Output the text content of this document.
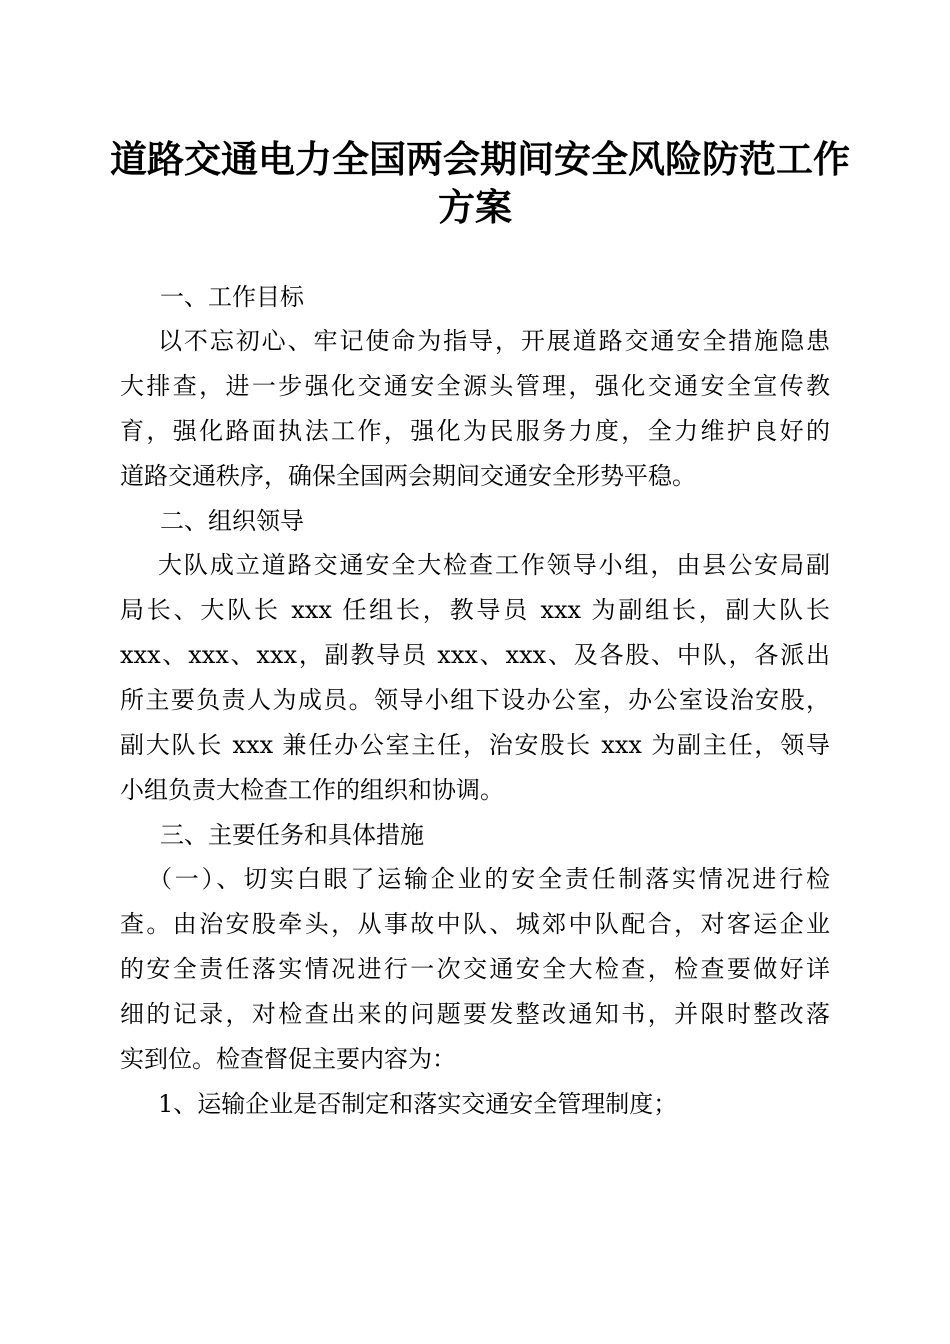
道路交通电力全国两会期间安全风险防范工作
方案
一、工作目标
以不忘初心、牢记使命为指导，开展道路交通安全措施隐患
大排查，进一步强化交通安全源头管理，强化交通安全宣传教
育，强化路面执法工作，强化为民服务力度，全力维护良好的
道路交通秩序，确保全国两会期间交通安全形势平稳。
二、组织领导
大队成立道路交通安全大检查工作领导小组，由县公安局副
局长、大队长 xxx 任组长，教导员 xxx 为副组长，副大队长
xxx、xxx、xxx，副教导员 xxx、xxx、及各股、中队，各派出
所主要负责人为成员。领导小组下设办公室，办公室设治安股，
副大队长 xxx 兼任办公室主任，治安股长 xxx 为副主任，领导
小组负责大检查工作的组织和协调。
三、主要任务和具体措施
（一）、切实白眼了运输企业的安全责任制落实情况进行检
查。由治安股牵头，从事故中队、城郊中队配合，对客运企业
的安全责任落实情况进行一次交通安全大检查，检查要做好详
细的记录，对检查出来的问题要发整改通知书，并限时整改落
实到位。检查督促主要内容为：
1、运输企业是否制定和落实交通安全管理制度；
